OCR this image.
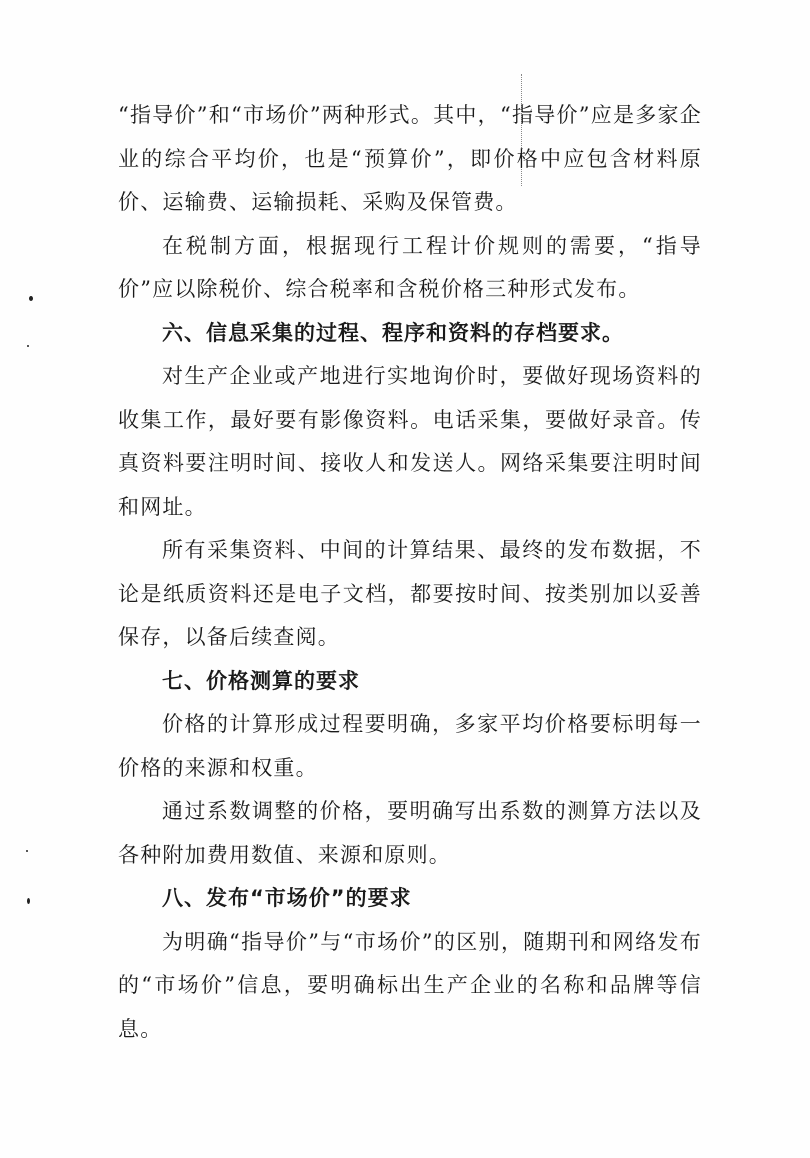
“指导价”和“市场价”两种形式。其中，“指导价”应是多家企业的综合平均价，也是“预算价”，即价格中应包含材料原价、运输费、运输损耗、采购及保管费。

在税制方面，根据现行工程计价规则的需要，“指导价”应以除税价、综合税率和含税价格三种形式发布。

六、信息采集的过程、程序和资料的存档要求。

对生产企业或产地进行实地询价时，要做好现场资料的收集工作，最好要有影像资料。电话采集，要做好录音。传真资料要注明时间、接收人和发送人。网络采集要注明时间和网址。

所有采集资料、中间的计算结果、最终的发布数据，不论是纸质资料还是电子文档，都要按时间、按类别加以妥善保存，以备后续查阅。

七、价格测算的要求

价格的计算形成过程要明确，多家平均价格要标明每一价格的来源和权重。

通过系数调整的价格，要明确写出系数的测算方法以及各种附加费用数值、来源和原则。

八、发布“市场价”的要求

为明确“指导价”与“市场价”的区别，随期刊和网络发布的“市场价”信息，要明确标出生产企业的名称和品牌等信息。
